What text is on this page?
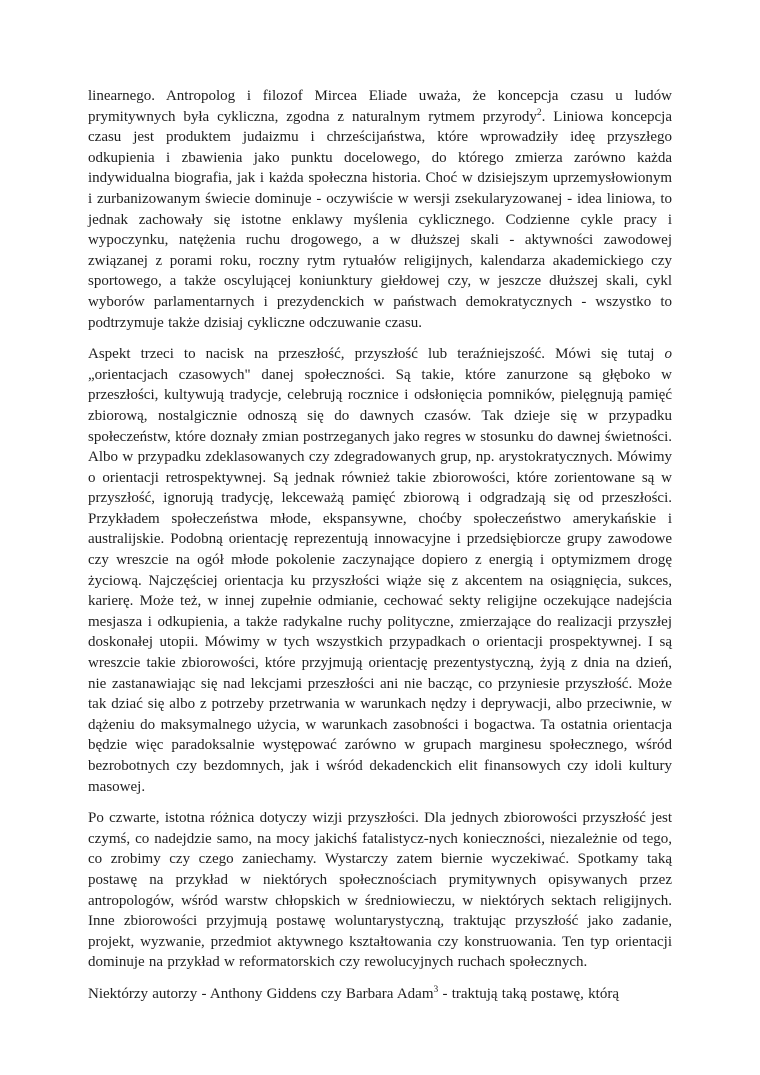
linearnego. Antropolog i filozof Mircea Eliade uważa, że koncepcja czasu u ludów prymitywnych była cykliczna, zgodna z naturalnym rytmem przyrody$^2$. Liniowa koncepcja czasu jest produktem judaizmu i chrześcijaństwa, które wprowadziły ideę przyszłego odkupienia i zbawienia jako punktu docelowego, do którego zmierza zarówno każda indywidualna biografia, jak i każda społeczna historia. Choć w dzisiejszym uprzemysłowionym i zurbanizowanym świecie dominuje - oczywiście w wersji zsekularyzowanej - idea liniowa, to jednak zachowały się istotne enklawy myślenia cyklicznego. Codzienne cykle pracy i wypoczynku, natężenia ruchu drogowego, a w dłuższej skali - aktywności zawodowej związanej z porami roku, roczny rytm rytuałów religijnych, kalendarza akademickiego czy sportowego, a także oscylującej koniunktury giełdowej czy, w jeszcze dłuższej skali, cykl wyborów parlamentarnych i prezydenckich w państwach demokratycznych - wszystko to podtrzymuje także dzisiaj cykliczne odczuwanie czasu.

Aspekt trzeci to nacisk na przeszłość, przyszłość lub teraźniejszość. Mówi się tutaj o „orientacjach czasowych" danej społeczności. Są takie, które zanurzone są głęboko w przeszłości, kultywują tradycje, celebrują rocznice i odsłonięcia pomników, pielęgnują pamięć zbiorową, nostalgicznie odnoszą się do dawnych czasów. Tak dzieje się w przypadku społeczeństw, które doznały zmian postrzeganych jako regres w stosunku do dawnej świetności. Albo w przypadku zdeklasowanych czy zdegradowanych grup, np. arystokratycznych. Mówimy o orientacji retrospektywnej. Są jednak również takie zbiorowości, które zorientowane są w przyszłość, ignorują tradycję, lekceważą pamięć zbiorową i odgradzają się od przeszłości. Przykładem społeczeństwa młode, ekspansywne, choćby społeczeństwo amerykańskie i australijskie. Podobną orientację reprezentują innowacyjne i przedsiębiorcze grupy zawodowe czy wreszcie na ogół młode pokolenie zaczynające dopiero z energią i optymizmem drogę życiową. Najczęściej orientacja ku przyszłości wiąże się z akcentem na osiągnięcia, sukces, karierę. Może też, w innej zupełnie odmianie, cechować sekty religijne oczekujące nadejścia mesjasza i odkupienia, a także radykalne ruchy polityczne, zmierzające do realizacji przyszłej doskonałej utopii. Mówimy w tych wszystkich przypadkach o orientacji prospektywnej. I są wreszcie takie zbiorowości, które przyjmują orientację prezentystyczną, żyją z dnia na dzień, nie zastanawiając się nad lekcjami przeszłości ani nie bacząc, co przyniesie przyszłość. Może tak dziać się albo z potrzeby przetrwania w warunkach nędzy i deprywacji, albo przeciwnie, w dążeniu do maksymalnego użycia, w warunkach zasobności i bogactwa. Ta ostatnia orientacja będzie więc paradoksalnie występować zarówno w grupach marginesu społecznego, wśród bezrobotnych czy bezdomnych, jak i wśród dekadenckich elit finansowych czy idoli kultury masowej.

Po czwarte, istotna różnica dotyczy wizji przyszłości. Dla jednych zbiorowości przyszłość jest czymś, co nadejdzie samo, na mocy jakichś fatalistycz-nych konieczności, niezależnie od tego, co zrobimy czy czego zaniechamy. Wystarczy zatem biernie wyczekiwać. Spotkamy taką postawę na przykład w niektórych społecznościach prymitywnych opisywanych przez antropologów, wśród warstw chłopskich w średniowieczu, w niektórych sektach religijnych. Inne zbiorowości przyjmują postawę woluntarystyczną, traktując przyszłość jako zadanie, projekt, wyzwanie, przedmiot aktywnego kształtowania czy konstruowania. Ten typ orientacji dominuje na przykład w reformatorskich czy rewolucyjnych ruchach społecznych.

Niektórzy autorzy - Anthony Giddens czy Barbara Adam$^3$ - traktują taką postawę, którą
